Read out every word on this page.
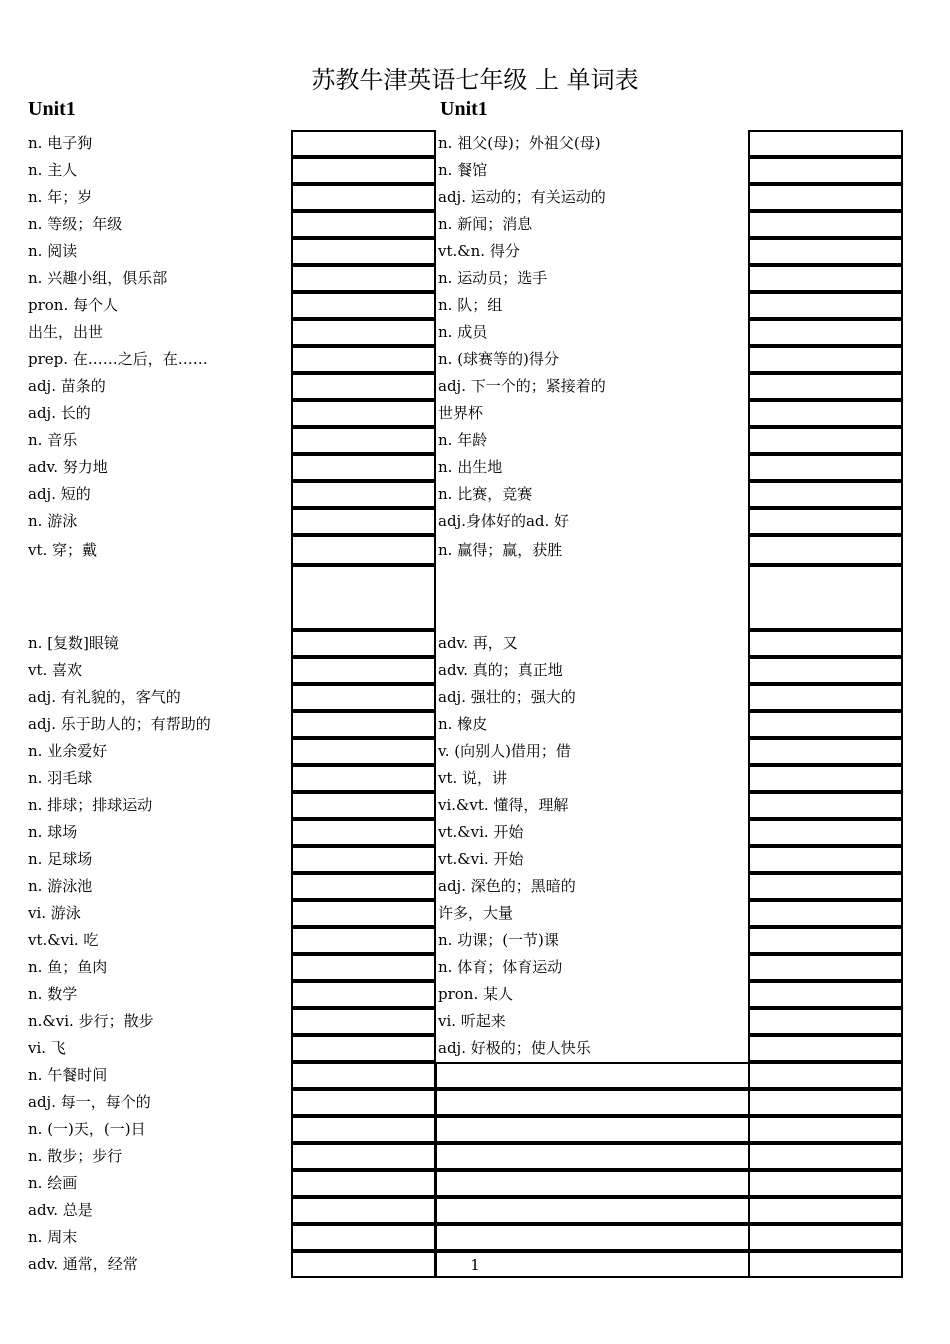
苏教牛津英语七年级 上 单词表
Unit1	Unit1
n. 电子狗	n. 祖父(母)；外祖父(母)
n. 主人	n. 餐馆
n. 年；岁	adj. 运动的；有关运动的
n. 等级；年级	n. 新闻；消息
n. 阅读	vt.&n. 得分
n. 兴趣小组，俱乐部	n. 运动员；选手
pron. 每个人	n. 队；组
出生，出世	n. 成员
prep. 在……之后，在……	n. (球赛等的)得分
adj. 苗条的	adj. 下一个的；紧接着的
adj. 长的	世界杯
n. 音乐	n. 年龄
adv. 努力地	n. 出生地
adj. 短的	n. 比赛，竞赛
n. 游泳	adj.身体好的ad. 好
vt. 穿；戴	n. 赢得；赢，获胜
n. [复数]眼镜	adv. 再，又
vt. 喜欢	adv. 真的；真正地
adj. 有礼貌的，客气的	adj. 强壮的；强大的
adj. 乐于助人的；有帮助的	n. 橡皮
n. 业余爱好	v. (向别人)借用；借
n. 羽毛球	vt. 说，讲
n. 排球；排球运动	vi.&vt. 懂得，理解
n. 球场	vt.&vi. 开始
n. 足球场	vt.&vi. 开始
n. 游泳池	adj. 深色的；黑暗的
vi. 游泳	许多，大量
vt.&vi. 吃	n. 功课；(一节)课
n. 鱼；鱼肉	n. 体育；体育运动
n. 数学	pron. 某人
n.&vi. 步行；散步	vi. 听起来
vi. 飞	adj. 好极的；使人快乐
n. 午餐时间
adj. 每一，每个的
n. (一)天，(一)日
n. 散步；步行
n. 绘画
adv. 总是
n. 周末
adv. 通常，经常	1
